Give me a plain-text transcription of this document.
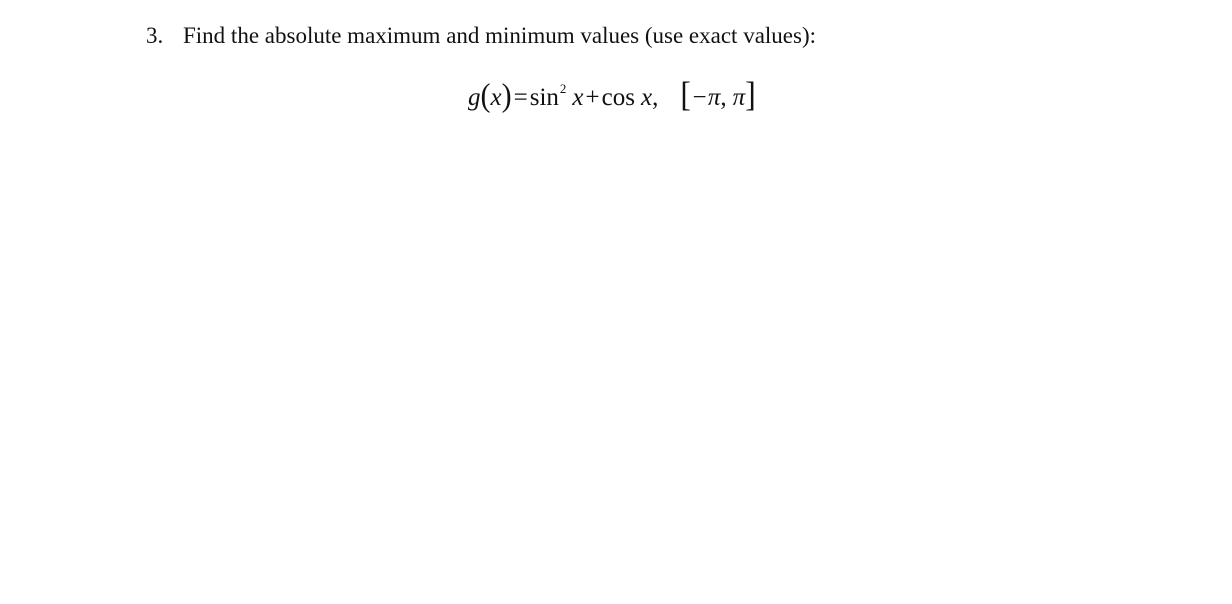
3. Find the absolute maximum and minimum values (use exact values):
g ( x ) = sin 2 x + cos x , [ −π , π ]
